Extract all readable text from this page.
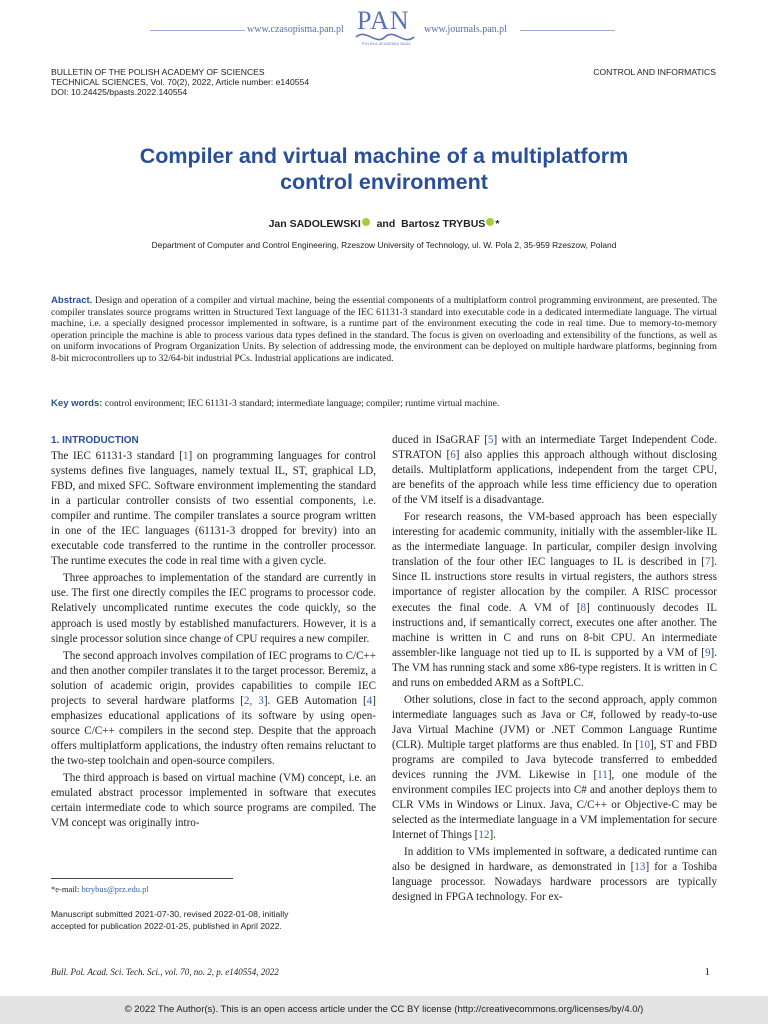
www.czasopisma.pan.pl PAN
POLSKA AKADEMIA NAUK
www.journals.pan.pl
BULLETIN OF THE POLISH ACADEMY OF SCIENCES
TECHNICAL SCIENCES, Vol. 70(2), 2022, Article number: e140554
DOI: 10.24425/bpasts.2022.140554
CONTROL AND INFORMATICS
Compiler and virtual machine of a multiplatform
control environment
Jan SADOLEWSKI and Bartosz TRYBUS *
Department of Computer and Control Engineering, Rzeszow University of Technology, ul. W. Pola 2, 35-959 Rzeszow, Poland
Abstract. Design and operation of a compiler and virtual machine, being the essential components of a multiplatform control programming environment, are presented. The compiler translates source programs written in Structured Text language of the IEC 61131-3 standard into executable code in a dedicated intermediate language. The virtual machine, i.e. a specially designed processor implemented in software, is a runtime part of the environment executing the code in real time. Due to memory-to-memory operation principle the machine is able to process various data types defined in the standard. The focus is given on overloading and extensibility of the functions, as well as on uniform invocations of Program Organization Units. By selection of addressing mode, the environment can be deployed on multiple hardware platforms, beginning from 8-bit microcontrollers up to 32/64-bit industrial PCs. Industrial applications are indicated.
Key words: control environment; IEC 61131-3 standard; intermediate language; compiler; runtime virtual machine.
1. INTRODUCTION

The IEC 61131-3 standard [1] on programming languages for control systems defines five languages, namely textual IL, ST, graphical LD, FBD, and mixed SFC. Software environment implementing the standard in a particular controller consists of two essential components, i.e. compiler and runtime. The compiler translates a source program written in one of the IEC languages (61131-3 dropped for brevity) into an executable code transferred to the runtime in the controller processor. The runtime executes the code in real time with a given cycle.

Three approaches to implementation of the standard are currently in use. The first one directly compiles the IEC programs to processor code. Relatively uncomplicated runtime executes the code quickly, so the approach is used mostly by established manufacturers. However, it is a single processor solution since change of CPU requires a new compiler.

The second approach involves compilation of IEC programs to C/C++ and then another compiler translates it to the target processor. Beremiz, a solution of academic origin, provides capabilities to compile IEC projects to several hardware platforms [2, 3]. GEB Automation [4] emphasizes educational applications of its software by using open-source C/C++ compilers in the second step. Despite that the approach offers multiplatform applications, the industry often remains reluctant to the two-step toolchain and open-source compilers.

The third approach is based on virtual machine (VM) concept, i.e. an emulated abstract processor implemented in software that executes certain intermediate code to which source programs are compiled. The VM concept was originally intro-

*e-mail: btrybus@prz.edu.pl
Manuscript submitted 2021-07-30, revised 2022-01-08, initially
accepted for publication 2022-01-25, published in April 2022.

duced in ISaGRAF [5] with an intermediate Target Independent Code. STRATON [6] also applies this approach although without disclosing details. Multiplatform applications, independent from the target CPU, are benefits of the approach while less time efficiency due to operation of the VM itself is a disadvantage.

For research reasons, the VM-based approach has been especially interesting for academic community, initially with the assembler-like IL as the intermediate language. In particular, compiler design involving translation of the four other IEC languages to IL is described in [7]. Since IL instructions store results in virtual registers, the authors stress importance of register allocation by the compiler. A RISC processor executes the final code. A VM of [8] continuously decodes IL instructions and, if semantically correct, executes one after another. The machine is written in C and runs on 8-bit CPU. An intermediate assembler-like language not tied up to IL is supported by a VM of [9]. The VM has running stack and some x86-type registers. It is written in C and runs on embedded ARM as a SoftPLC.

Other solutions, close in fact to the second approach, apply common intermediate languages such as Java or C#, followed by ready-to-use Java Virtual Machine (JVM) or .NET Common Language Runtime (CLR). Multiple target platforms are thus enabled. In [10], ST and FBD programs are compiled to Java bytecode transferred to embedded devices running the JVM. Likewise in [11], one module of the environment compiles IEC projects into C# and another deploys them to CLR VMs in Windows or Linux. Java, C/C++ or Objective-C may be selected as the intermediate language in a VM implementation for secure Internet of Things [12].

In addition to VMs implemented in software, a dedicated runtime can also be designed in hardware, as demonstrated in [13] for a Toshiba language processor. Nowadays hardware processors are typically designed in FPGA technology. For ex-

Bull. Pol. Acad. Sci. Tech. Sci., vol. 70, no. 2, p. e140554, 2022	1
© 2022 The Author(s). This is an open access article under the CC BY license (http://creativecommons.org/licenses/by/4.0/)
